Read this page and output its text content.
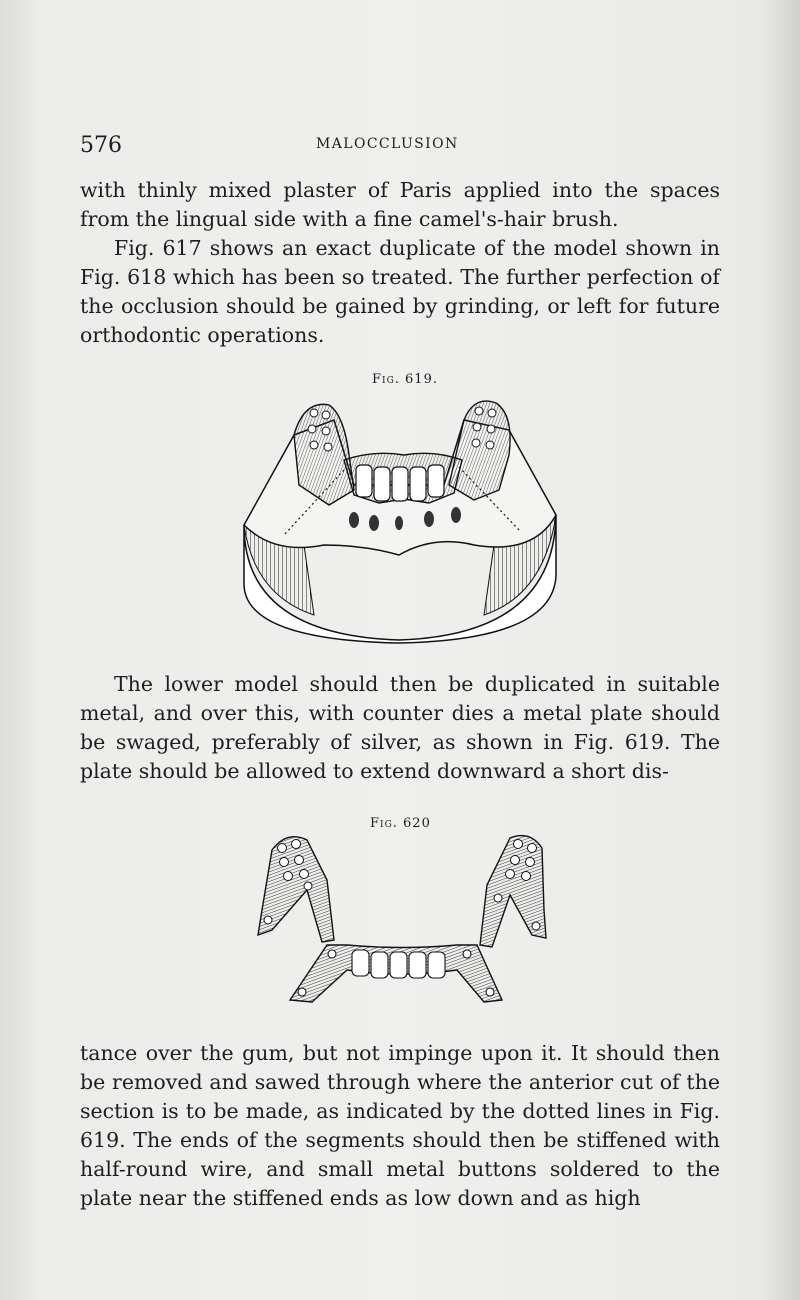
576	MALOCCLUSION
with thinly mixed plaster of Paris applied into the spaces from the lingual side with a fine camel's-hair brush.
Fig. 617 shows an exact duplicate of the model shown in Fig. 618 which has been so treated. The further perfection of the occlusion should be gained by grinding, or left for future orthodontic operations.
Fig. 619.
The lower model should then be duplicated in suitable metal, and over this, with counter dies a metal plate should be swaged, preferably of silver, as shown in Fig. 619. The plate should be allowed to extend downward a short dis-
Fig. 620
tance over the gum, but not impinge upon it. It should then be removed and sawed through where the anterior cut of the section is to be made, as indicated by the dotted lines in Fig. 619. The ends of the segments should then be stiffened with half-round wire, and small metal buttons soldered to the plate near the stiffened ends as low down and as high
